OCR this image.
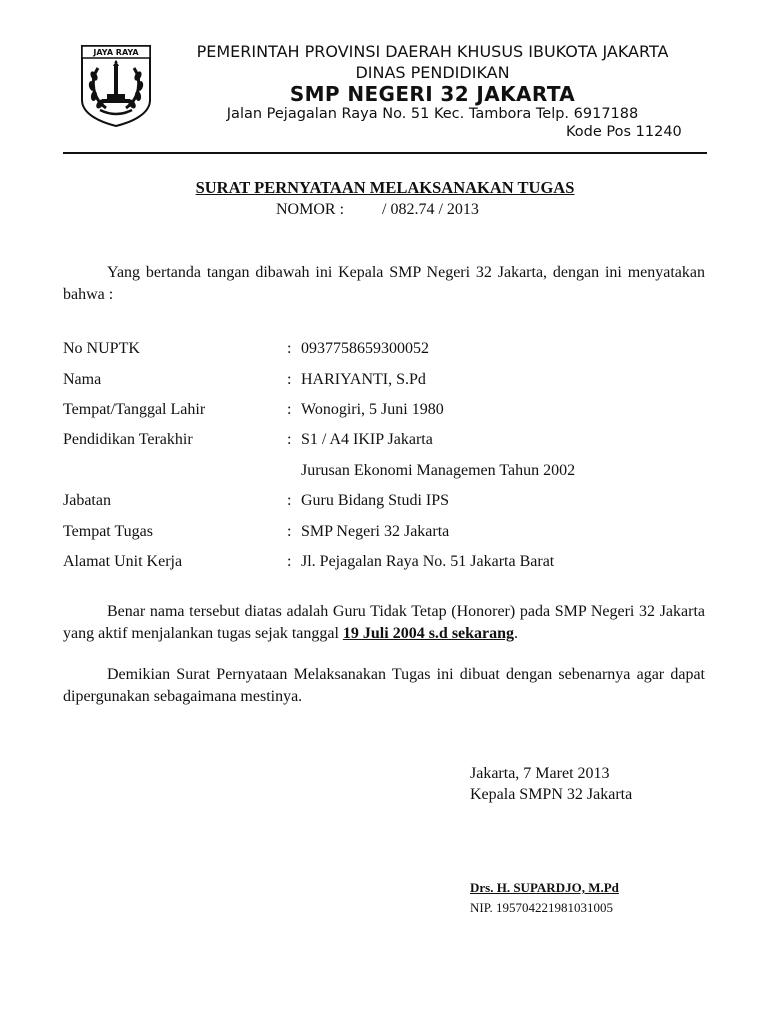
JAYA RAYA	PEMERINTAH PROVINSI DAERAH KHUSUS IBUKOTA JAKARTA
DINAS PENDIDIKAN
SMP NEGERI 32 JAKARTA
Jalan Pejagalan Raya No. 51 Kec. Tambora Telp. 6917188
Kode Pos 11240
SURAT PERNYATAAN MELAKSANAKAN TUGAS
NOMOR : / 082.74 / 2013
Yang bertanda tangan dibawah ini Kepala SMP Negeri 32 Jakarta, dengan ini menyatakan bahwa :
No NUPTK	: 0937758659300052
Nama	: HARIYANTI, S.Pd
Tempat/Tanggal Lahir	: Wonogiri, 5 Juni 1980
Pendidikan Terakhir	: S1 / A4 IKIP Jakarta
Jurusan Ekonomi Managemen Tahun 2002
Jabatan	: Guru Bidang Studi IPS
Tempat Tugas	: SMP Negeri 32 Jakarta
Alamat Unit Kerja	: Jl. Pejagalan Raya No. 51 Jakarta Barat
Benar nama tersebut diatas adalah Guru Tidak Tetap (Honorer) pada SMP Negeri 32 Jakarta yang aktif menjalankan tugas sejak tanggal 19 Juli 2004 s.d sekarang.
Demikian Surat Pernyataan Melaksanakan Tugas ini dibuat dengan sebenarnya agar dapat dipergunakan sebagaimana mestinya.
Jakarta, 7 Maret 2013
Kepala SMPN 32 Jakarta
Drs. H. SUPARDJO, M.Pd
NIP. 195704221981031005
